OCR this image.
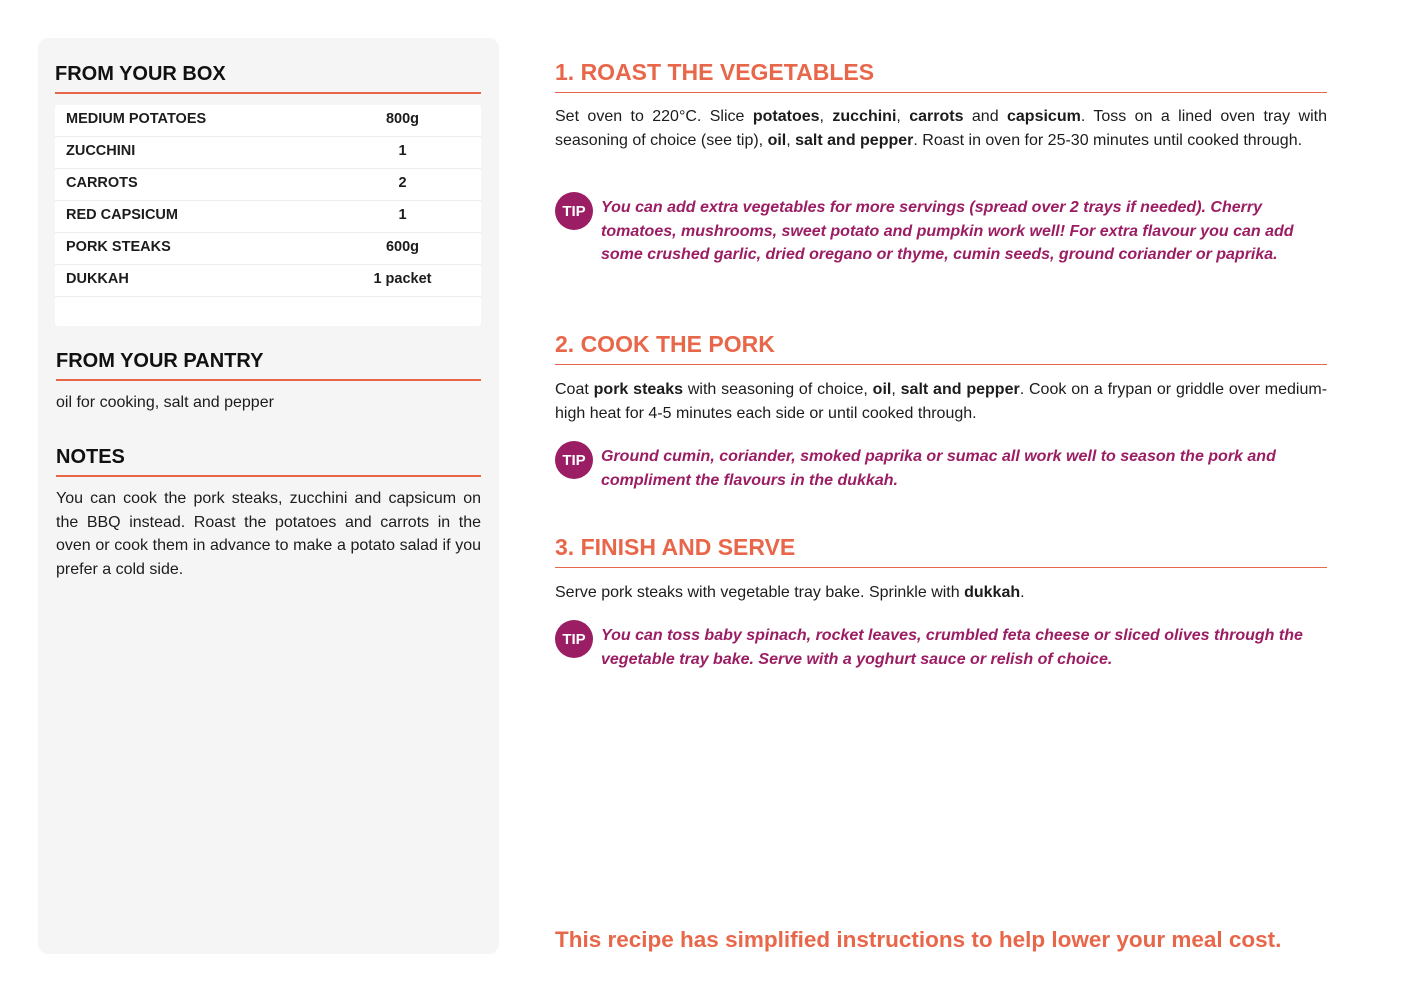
FROM YOUR BOX
MEDIUM POTATOES	800g
ZUCCHINI	1
CARROTS	2
RED CAPSICUM	1
PORK STEAKS	600g
DUKKAH	1 packet
FROM YOUR PANTRY

oil for cooking, salt and pepper

NOTES

You can cook the pork steaks, zucchini and capsicum on the BBQ instead. Roast the potatoes and carrots in the oven or cook them in advance to make a potato salad if you prefer a cold side.

1. ROAST THE VEGETABLES

Set oven to 220°C. Slice potatoes, zucchini, carrots and capsicum. Toss on a lined oven tray with seasoning of choice (see tip), oil, salt and pepper. Roast in oven for 25-30 minutes until cooked through.

TIP You can add extra vegetables for more servings (spread over 2 trays if needed). Cherry tomatoes, mushrooms, sweet potato and pumpkin work well! For extra flavour you can add some crushed garlic, dried oregano or thyme, cumin seeds, ground coriander or paprika.

2. COOK THE PORK

Coat pork steaks with seasoning of choice, oil, salt and pepper. Cook on a frypan or griddle over medium-high heat for 4-5 minutes each side or until cooked through.

TIP Ground cumin, coriander, smoked paprika or sumac all work well to season the pork and compliment the flavours in the dukkah.

3. FINISH AND SERVE

Serve pork steaks with vegetable tray bake. Sprinkle with dukkah.

TIP You can toss baby spinach, rocket leaves, crumbled feta cheese or sliced olives through the vegetable tray bake. Serve with a yoghurt sauce or relish of choice.

This recipe has simplified instructions to help lower your meal cost.
